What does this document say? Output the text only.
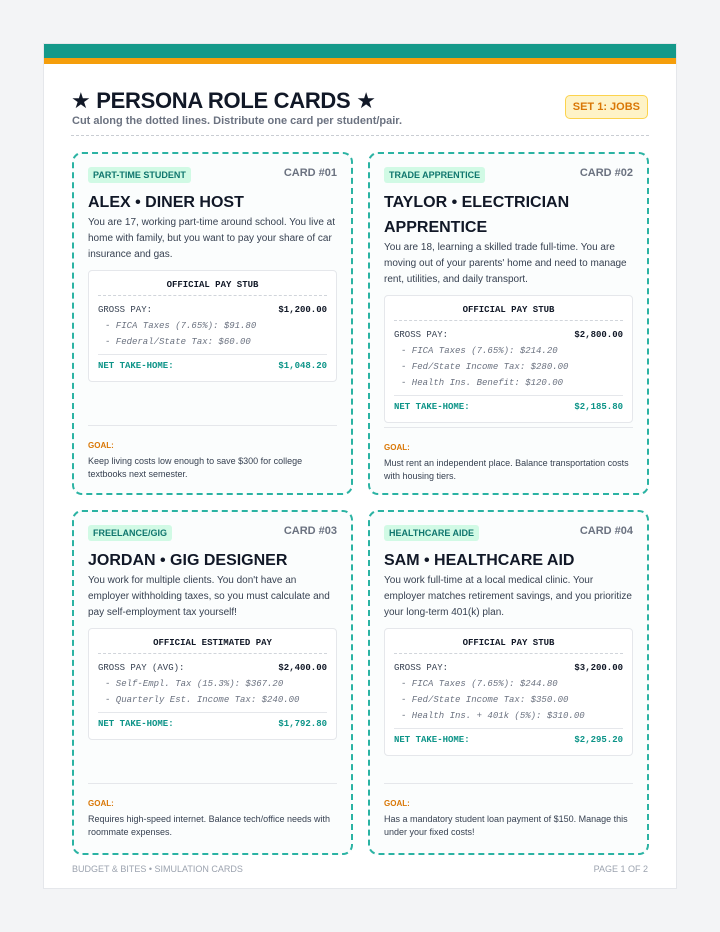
★ PERSONA ROLE CARDS ★
Cut along the dotted lines. Distribute one card per student/pair.
SET 1: JOBS
PART-TIME STUDENT	CARD #01
ALEX • DINER HOST

You are 17, working part-time around school. You live at home with family, but you want to pay your share of car insurance and gas.

OFFICIAL PAY STUB
GROSS PAY:	$1,200.00
- FICA Taxes (7.65%): $91.80
- Federal/State Tax: $60.00
NET TAKE-HOME:	$1,048.20
GOAL:

Keep living costs low enough to save $300 for college textbooks next semester.

TRADE APPRENTICE	CARD #02
TAYLOR • ELECTRICIAN APPRENTICE

You are 18, learning a skilled trade full-time. You are moving out of your parents' home and need to manage rent, utilities, and daily transport.

OFFICIAL PAY STUB
GROSS PAY:	$2,800.00
- FICA Taxes (7.65%): $214.20
- Fed/State Income Tax: $280.00
- Health Ins. Benefit: $120.00
NET TAKE-HOME:	$2,185.80
GOAL:

Must rent an independent place. Balance transportation costs with housing tiers.

FREELANCE/GIG	CARD #03
JORDAN • GIG DESIGNER

You work for multiple clients. You don't have an employer withholding taxes, so you must calculate and pay self-employment tax yourself!

OFFICIAL ESTIMATED PAY
GROSS PAY (AVG):	$2,400.00
- Self-Empl. Tax (15.3%): $367.20
- Quarterly Est. Income Tax: $240.00
NET TAKE-HOME:	$1,792.80
GOAL:

Requires high-speed internet. Balance tech/office needs with roommate expenses.

HEALTHCARE AIDE	CARD #04
SAM • HEALTHCARE AID

You work full-time at a local medical clinic. Your employer matches retirement savings, and you prioritize your long-term 401(k) plan.

OFFICIAL PAY STUB
GROSS PAY:	$3,200.00
- FICA Taxes (7.65%): $244.80
- Fed/State Income Tax: $350.00
- Health Ins. + 401k (5%): $310.00
NET TAKE-HOME:	$2,295.20
GOAL:

Has a mandatory student loan payment of $150. Manage this under your fixed costs!

BUDGET & BITES • SIMULATION CARDS	PAGE 1 OF 2
